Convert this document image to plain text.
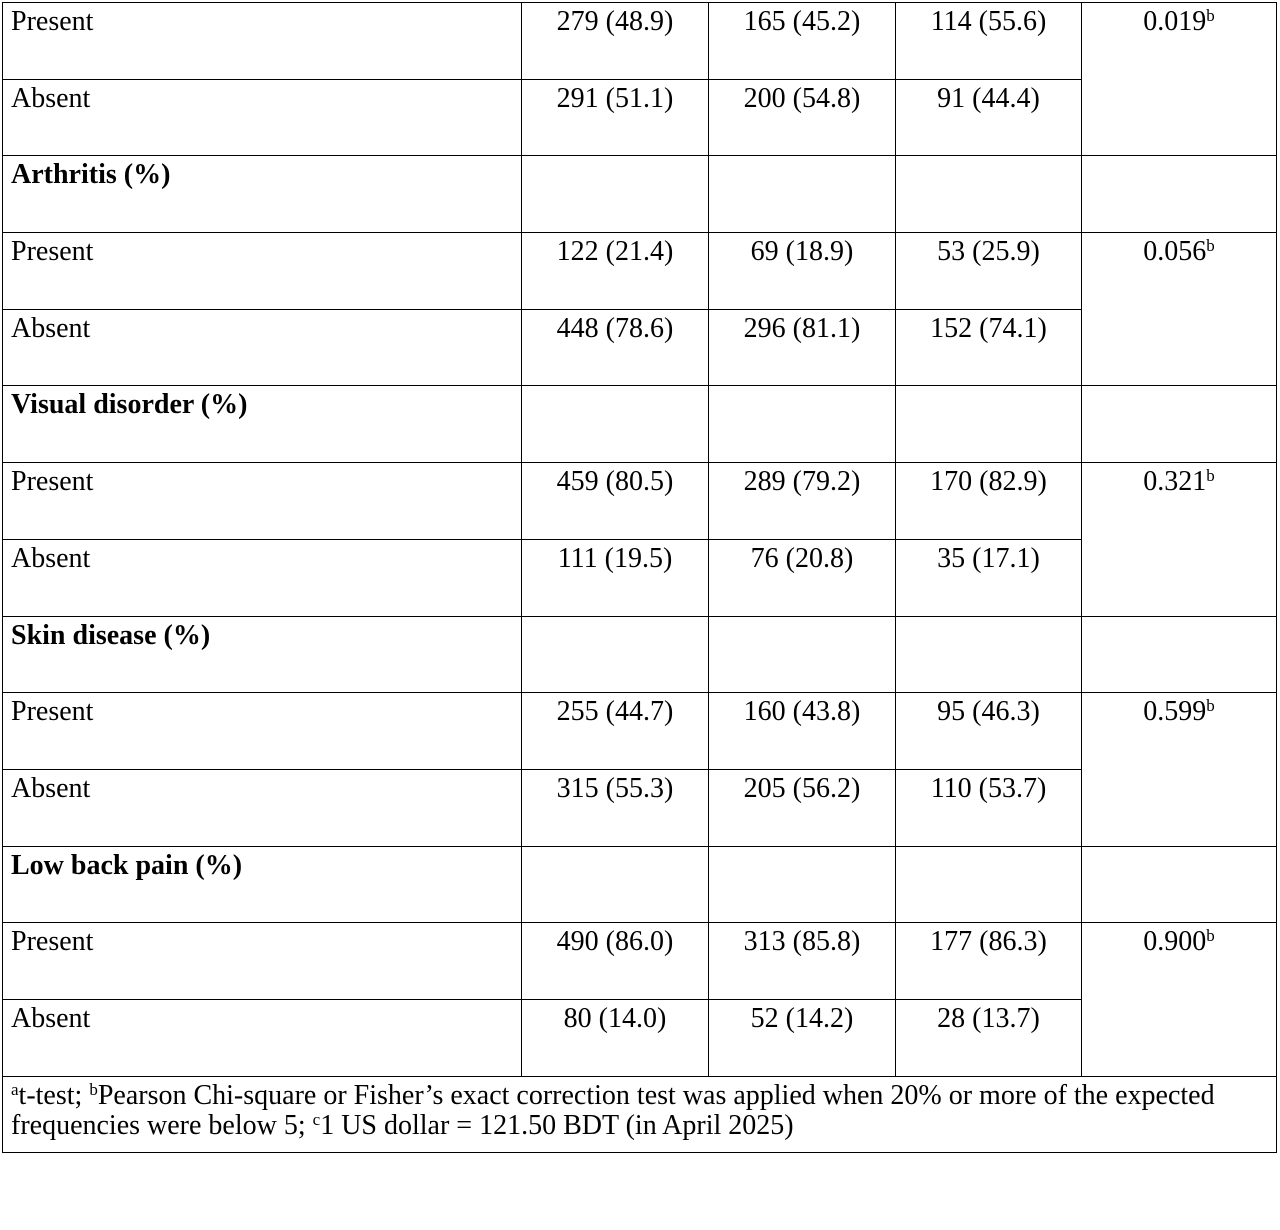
Present	279 (48.9)	165 (45.2)	114 (55.6)	0.019$^b$
Absent	291 (51.1)	200 (54.8)	91 (44.4)	
Arthritis (%)				
Present	122 (21.4)	69 (18.9)	53 (25.9)	0.056$^b$
Absent	448 (78.6)	296 (81.1)	152 (74.1)	
Visual disorder (%)				
Present	459 (80.5)	289 (79.2)	170 (82.9)	0.321$^b$
Absent	111 (19.5)	76 (20.8)	35 (17.1)	
Skin disease (%)				
Present	255 (44.7)	160 (43.8)	95 (46.3)	0.599$^b$
Absent	315 (55.3)	205 (56.2)	110 (53.7)	
Low back pain (%)				
Present	490 (86.0)	313 (85.8)	177 (86.3)	0.900$^b$
Absent	80 (14.0)	52 (14.2)	28 (13.7)	
$^a$t-test; $^b$Pearson Chi-square or Fisher’s exact correction test was applied when 20% or more of the expected frequencies were below 5; $^c$1 US dollar = 121.50 BDT (in April 2025)				
